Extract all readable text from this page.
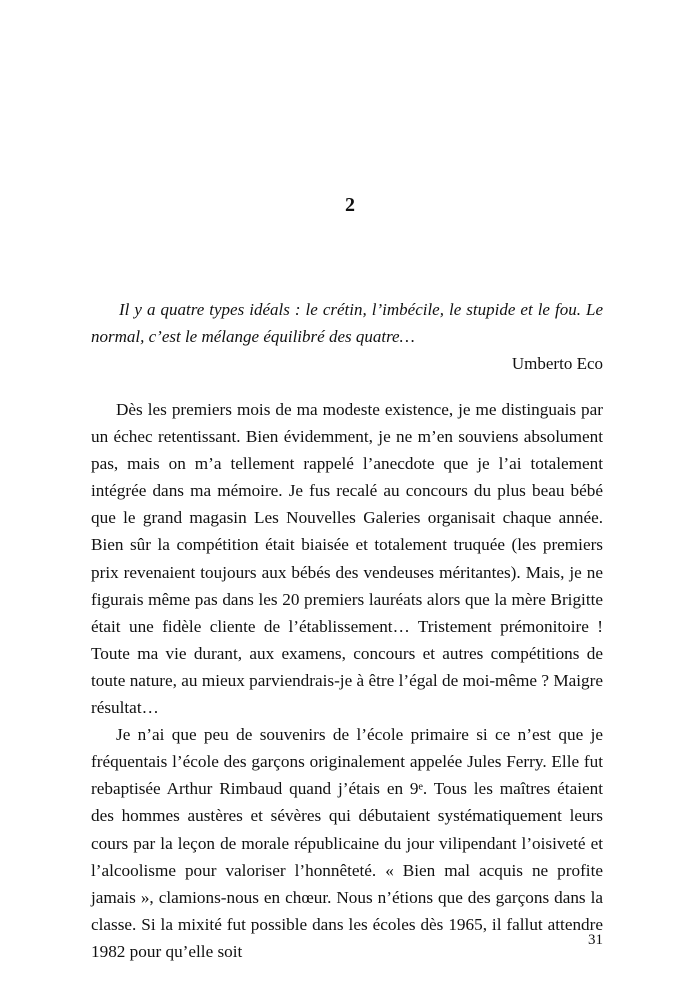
2

Il y a quatre types idéals : le crétin, l’imbécile, le stupide et le fou. Le normal, c’est le mélange équilibré des quatre…

Umberto Eco

Dès les premiers mois de ma modeste existence, je me distinguais par un échec retentissant. Bien évidemment, je ne m’en souviens absolument pas, mais on m’a tellement rappelé l’anecdote que je l’ai totalement intégrée dans ma mémoire. Je fus recalé au concours du plus beau bébé que le grand magasin Les Nouvelles Galeries organisait chaque année. Bien sûr la compétition était biaisée et totalement truquée (les premiers prix revenaient toujours aux bébés des vendeuses méritantes). Mais, je ne figurais même pas dans les 20 premiers lauréats alors que la mère Brigitte était une fidèle cliente de l’établissement… Tristement prémonitoire ! Toute ma vie durant, aux examens, concours et autres compétitions de toute nature, au mieux parviendrais-je à être l’égal de moi-même ? Maigre résultat…

Je n’ai que peu de souvenirs de l’école primaire si ce n’est que je fréquentais l’école des garçons originalement appelée Jules Ferry. Elle fut rebaptisée Arthur Rimbaud quand j’étais en 9ᵉ. Tous les maîtres étaient des hommes austères et sévères qui débutaient systématiquement leurs cours par la leçon de morale républicaine du jour vilipendant l’oisiveté et l’alcoolisme pour valoriser l’honnêteté. « Bien mal acquis ne profite jamais », clamions-nous en chœur. Nous n’étions que des garçons dans la classe. Si la mixité fut possible dans les écoles dès 1965, il fallut attendre 1982 pour qu’elle soit

31
